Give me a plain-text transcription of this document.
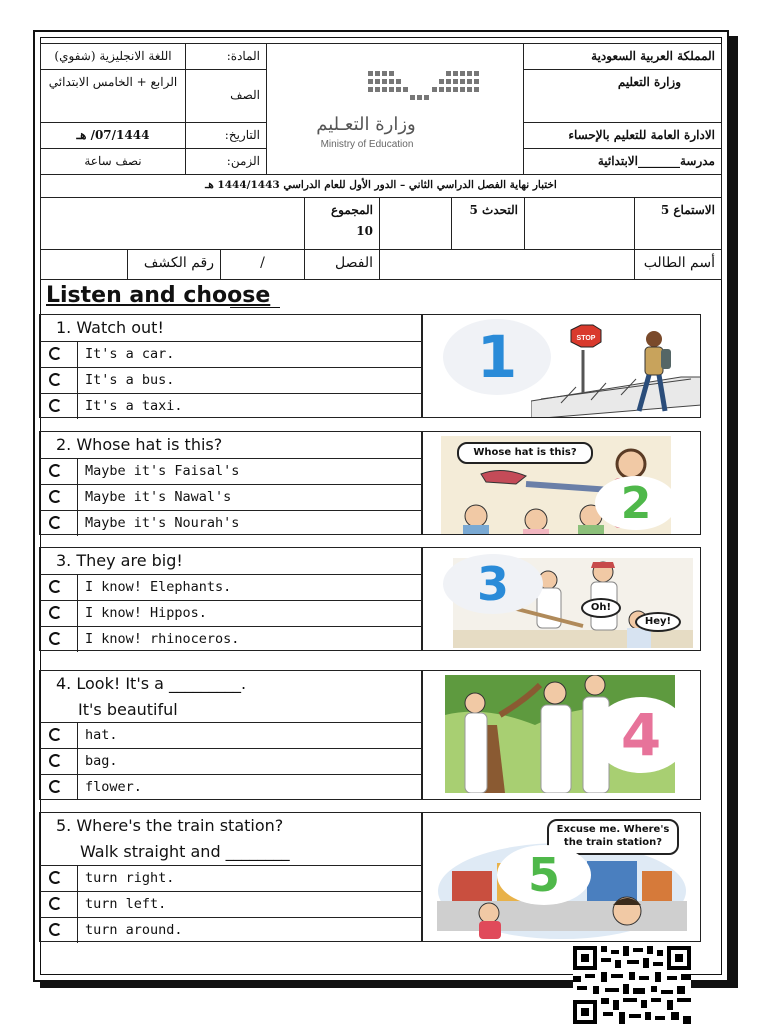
اللغة الانجليزية (شفوي)	المادة:
الرابع + الخامس الابتدائي
الصف
07/1444/ هـ	التاريخ:
نصف ساعة	الزمن:
وزارة التعـليم
Ministry of Education
المملكة العربية السعودية
وزارة التعليم
الادارة العامة للتعليم بالإحساء
مدرسة_______الابتدائية
اختبار نهاية الفصل الدراسي الثاني – الدور الأول للعام الدراسي 1444/1443 هـ
المجموع
10
التحدث 5	الاستماع 5
رقم الكشف	/	الفصل	أسم الطالب
Listen and choose
1. Watch out!
It's a car.
It's a bus.
It's a taxi.
1	STOP
2. Whose hat is this?
Maybe it's Faisal's
Maybe it's Nawal's
Maybe it's Nourah's
Whose hat is this?
2
3. They are big!
I know! Elephants.
I know! Hippos.
I know! rhinoceros.
3	Oh!
Hey!
4. Look! It's a _________.
It's beautiful
hat.
bag.
flower.
4
5. Where's the train station?
Walk straight and ________
turn right.
turn left.
turn around.
Excuse me. Where's the train station?
5
